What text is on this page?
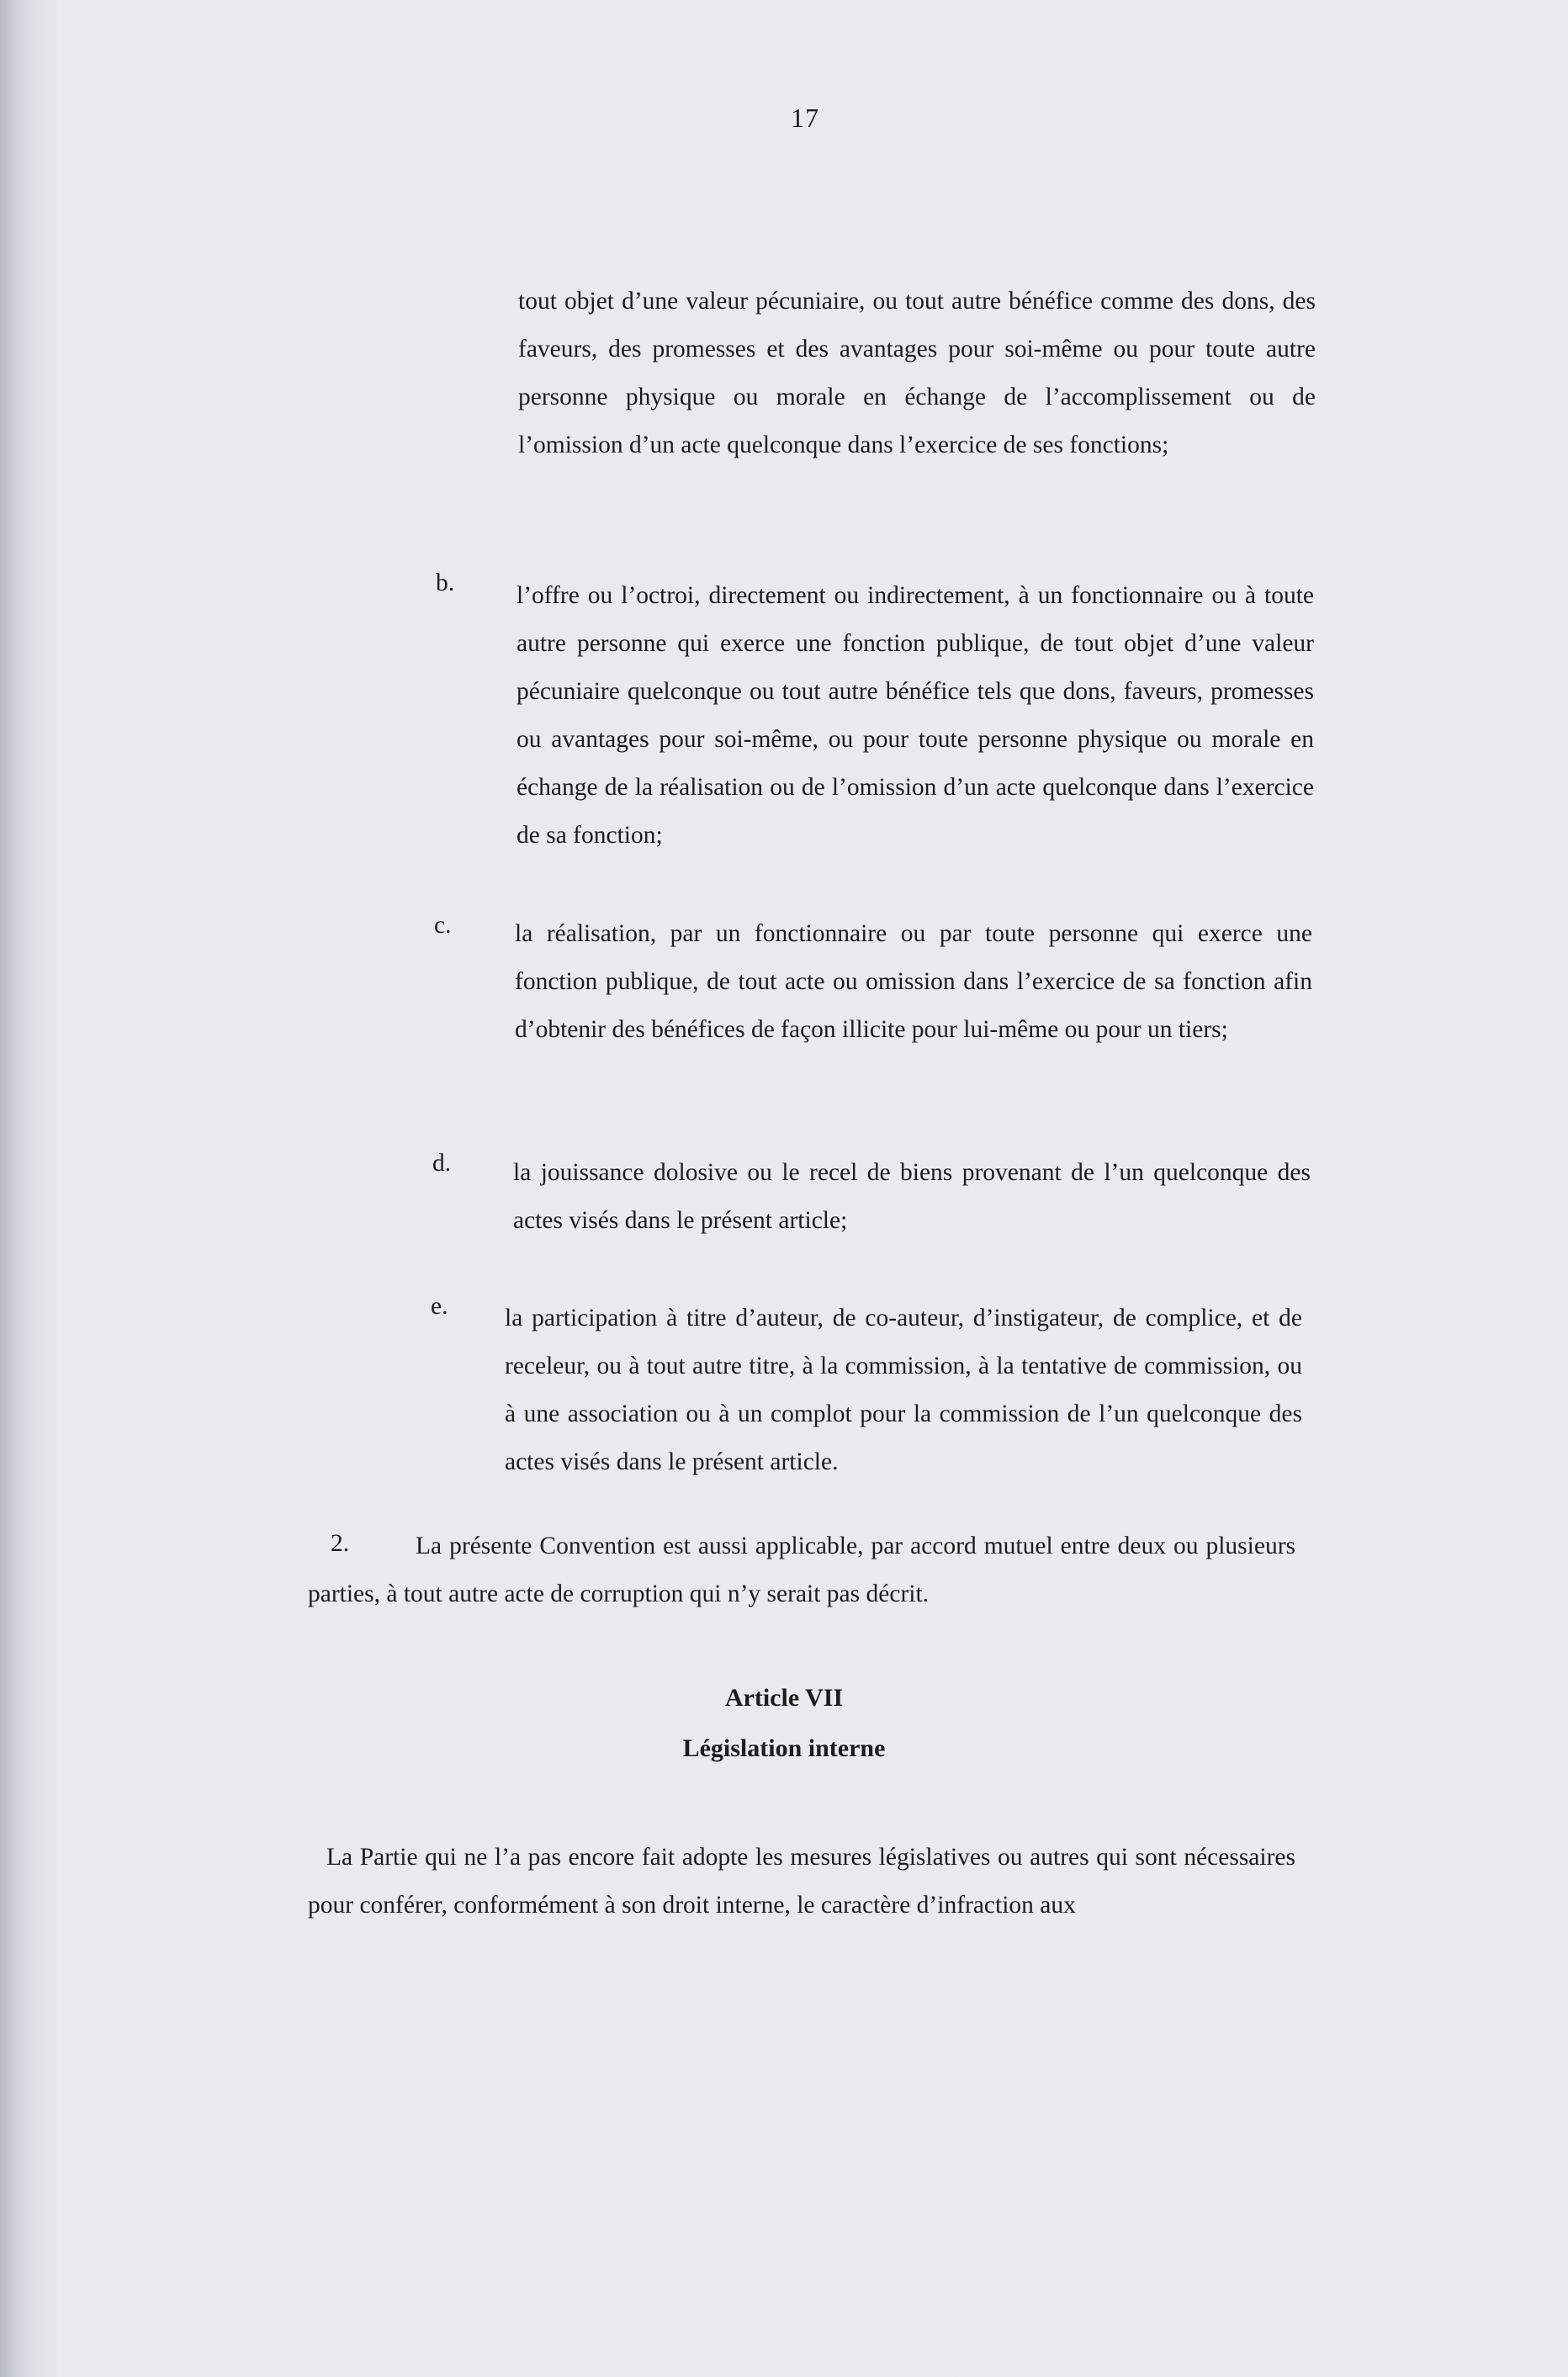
17

tout objet d’une valeur pécuniaire, ou tout autre bénéfice comme des dons, des faveurs, des promesses et des avantages pour soi-même ou pour toute autre personne physique ou morale en échange de l’accomplissement ou de l’omission d’un acte quelconque dans l’exercice de ses fonctions;

b.	l’offre ou l’octroi, directement ou indirectement, à un fonctionnaire ou à toute autre personne qui exerce une fonction publique, de tout objet d’une valeur pécuniaire quelconque ou tout autre bénéfice tels que dons, faveurs, promesses ou avantages pour soi-même, ou pour toute personne physique ou morale en échange de la réalisation ou de l’omission d’un acte quelconque dans l’exercice de sa fonction;

c.	la réalisation, par un fonctionnaire ou par toute personne qui exerce une fonction publique, de tout acte ou omission dans l’exercice de sa fonction afin d’obtenir des bénéfices de façon illicite pour lui-même ou pour un tiers;

d.	la jouissance dolosive ou le recel de biens provenant de l’un quelconque des actes visés dans le présent article;

e. la participation à titre d’auteur, de co-auteur, d’instigateur, de complice, et de receleur, ou à tout autre titre, à la commission, à la tentative de commission, ou à une association ou à un complot pour la commission de l’un quelconque des actes visés dans le présent article.

2.	La présente Convention est aussi applicable, par accord mutuel entre deux ou plusieurs parties, à tout autre acte de corruption qui n’y serait pas décrit.

Article VII
Législation interne

La Partie qui ne l’a pas encore fait adopte les mesures législatives ou autres qui sont nécessaires pour conférer, conformément à son droit interne, le caractère d’infraction aux
